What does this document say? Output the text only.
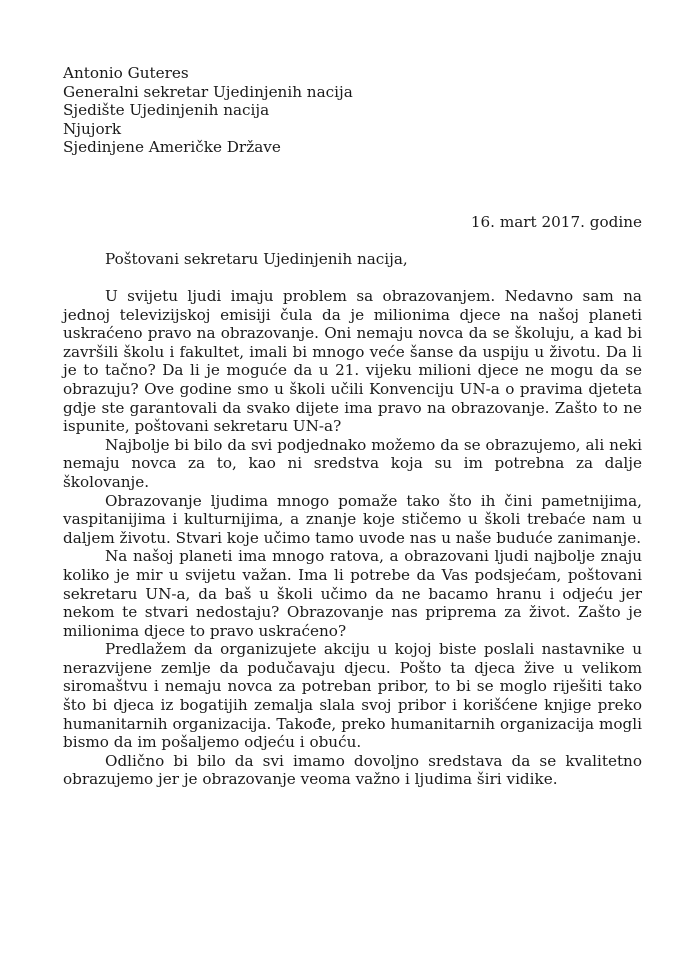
Antonio Guteres
Generalni sekretar Ujedinjenih nacija
Sjedište Ujedinjenih nacija
Njujork
Sjedinjene Američke Države
16. mart 2017. godine
Poštovani sekretaru Ujedinjenih nacija,

U svijetu ljudi imaju problem sa obrazovanjem. Nedavno sam na jednoj televizijskoj emisiji čula da je milionima djece na našoj planeti uskraćeno pravo na obrazovanje. Oni nemaju novca da se školuju, a kad bi završili školu i fakultet, imali bi mnogo veće šanse da uspiju u životu. Da li je to tačno? Da li je moguće da u 21. vijeku milioni djece ne mogu da se obrazuju? Ove godine smo u školi učili Konvenciju UN-a o pravima djeteta gdje ste garantovali da svako dijete ima pravo na obrazovanje. Zašto to ne ispunite, poštovani sekretaru UN-a?

Najbolje bi bilo da svi podjednako možemo da se obrazujemo, ali neki nemaju novca za to, kao ni sredstva koja su im potrebna za dalje školovanje.

Obrazovanje ljudima mnogo pomaže tako što ih čini pametnijima, vaspitanijima i kulturnijima, a znanje koje stičemo u školi trebaće nam u daljem životu. Stvari koje učimo tamo uvode nas u naše buduće zanimanje.

Na našoj planeti ima mnogo ratova, a obrazovani ljudi najbolje znaju koliko je mir u svijetu važan. Ima li potrebe da Vas podsjećam, poštovani sekretaru UN-a, da baš u školi učimo da ne bacamo hranu i odjeću jer nekom te stvari nedostaju? Obrazovanje nas priprema za život. Zašto je milionima djece to pravo uskraćeno?

Predlažem da organizujete akciju u kojoj biste poslali nastavnike u nerazvijene zemlje da podučavaju djecu. Pošto ta djeca žive u velikom siromaštvu i nemaju novca za potreban pribor, to bi se moglo riješiti tako što bi djeca iz bogatijih zemalja slala svoj pribor i korišćene knjige preko humanitarnih organizacija. Takođe, preko humanitarnih organizacija mogli bismo da im pošaljemo odjeću i obuću.

Odlično bi bilo da svi imamo dovoljno sredstava da se kvalitetno obrazujemo jer je obrazovanje veoma važno i ljudima širi vidike.
